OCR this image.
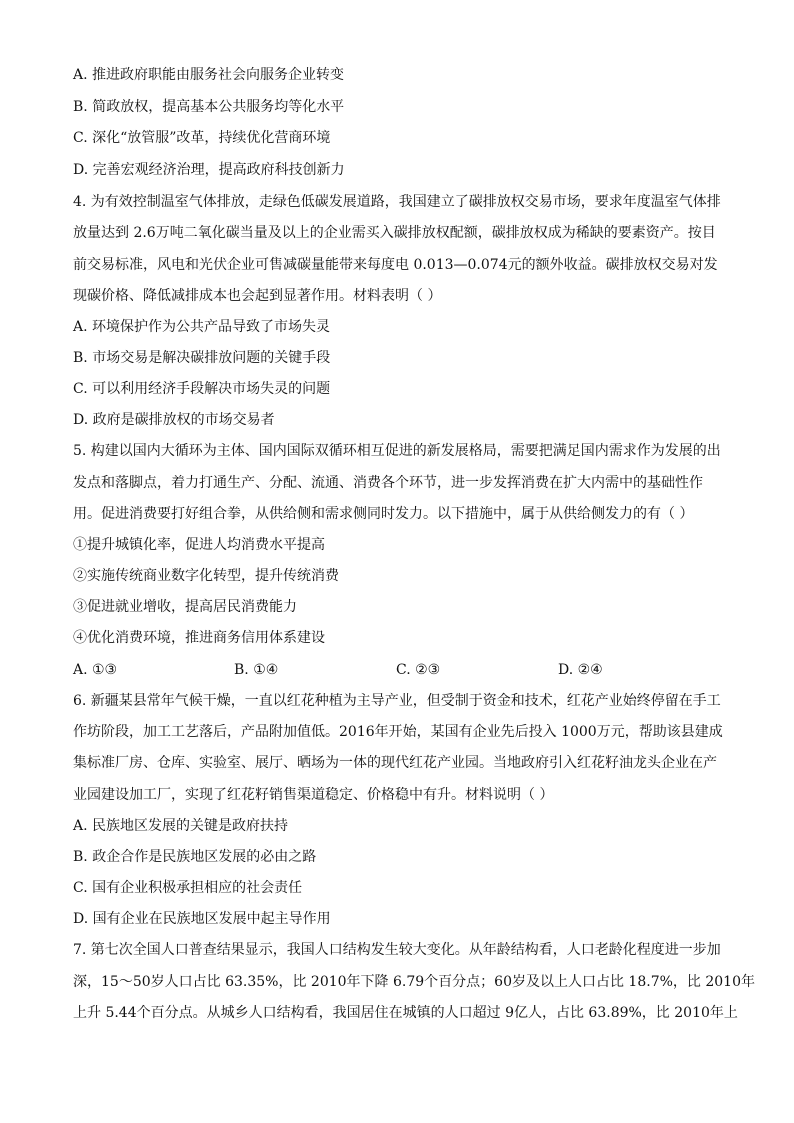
A. 推进政府职能由服务社会向服务企业转变
B. 简政放权，提高基本公共服务均等化水平
C. 深化“放管服”改革，持续优化营商环境
D. 完善宏观经济治理，提高政府科技创新力
4. 为有效控制温室气体排放，走绿色低碳发展道路，我国建立了碳排放权交易市场，要求年度温室气体排
放量达到 2.6万吨二氧化碳当量及以上的企业需买入碳排放权配额，碳排放权成为稀缺的要素资产。按目
前交易标准，风电和光伏企业可售减碳量能带来每度电 0.013—0.074元的额外收益。碳排放权交易对发
现碳价格、降低减排成本也会起到显著作用。材料表明（ ）
A. 环境保护作为公共产品导致了市场失灵
B. 市场交易是解决碳排放问题的关键手段
C. 可以利用经济手段解决市场失灵的问题
D. 政府是碳排放权的市场交易者
5. 构建以国内大循环为主体、国内国际双循环相互促进的新发展格局，需要把满足国内需求作为发展的出
发点和落脚点，着力打通生产、分配、流通、消费各个环节，进一步发挥消费在扩大内需中的基础性作
用。促进消费要打好组合拳，从供给侧和需求侧同时发力。以下措施中，属于从供给侧发力的有（ ）
①提升城镇化率，促进人均消费水平提高
②实施传统商业数字化转型，提升传统消费
③促进就业增收，提高居民消费能力
④优化消费环境，推进商务信用体系建设
A. ①③	B. ①④	C. ②③	D. ②④
6. 新疆某县常年气候干燥，一直以红花种植为主导产业，但受制于资金和技术，红花产业始终停留在手工
作坊阶段，加工工艺落后，产品附加值低。2016年开始，某国有企业先后投入 1000万元，帮助该县建成
集标准厂房、仓库、实验室、展厅、晒场为一体的现代红花产业园。当地政府引入红花籽油龙头企业在产
业园建设加工厂，实现了红花籽销售渠道稳定、价格稳中有升。材料说明（ ）
A. 民族地区发展的关键是政府扶持
B. 政企合作是民族地区发展的必由之路
C. 国有企业积极承担相应的社会责任
D. 国有企业在民族地区发展中起主导作用
7. 第七次全国人口普查结果显示，我国人口结构发生较大变化。从年龄结构看，人口老龄化程度进一步加
深，15～50岁人口占比 63.35%，比 2010年下降 6.79个百分点；60岁及以上人口占比 18.7%，比 2010年
上升 5.44个百分点。从城乡人口结构看，我国居住在城镇的人口超过 9亿人，占比 63.89%，比 2010年上
